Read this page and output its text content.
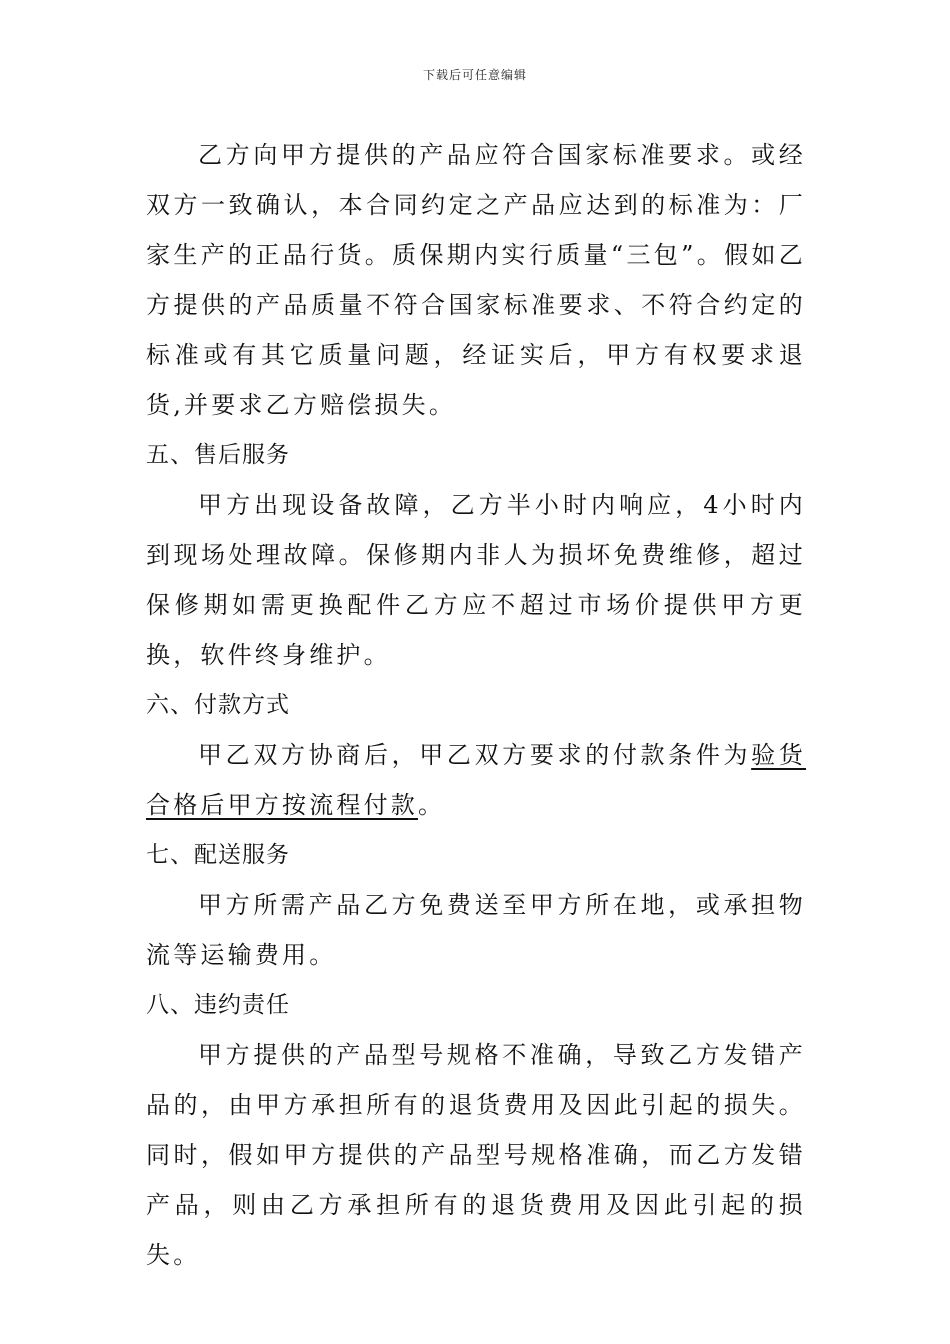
下载后可任意编辑

乙方向甲方提供的产品应符合国家标准要求。或经双方一致确认，本合同约定之产品应达到的标准为：厂家生产的正品行货。质保期内实行质量“三包”。假如乙方提供的产品质量不符合国家标准要求、不符合约定的标准或有其它质量问题，经证实后，甲方有权要求退货,并要求乙方赔偿损失。

五、售后服务

甲方出现设备故障，乙方半小时内响应，4小时内到现场处理故障。保修期内非人为损坏免费维修，超过保修期如需更换配件乙方应不超过市场价提供甲方更换，软件终身维护。

六、付款方式

甲乙双方协商后，甲乙双方要求的付款条件为验货合格后甲方按流程付款。

七、配送服务

甲方所需产品乙方免费送至甲方所在地，或承担物流等运输费用。

八、违约责任

甲方提供的产品型号规格不准确，导致乙方发错产品的，由甲方承担所有的退货费用及因此引起的损失。同时，假如甲方提供的产品型号规格准确，而乙方发错产品，则由乙方承担所有的退货费用及因此引起的损失。
